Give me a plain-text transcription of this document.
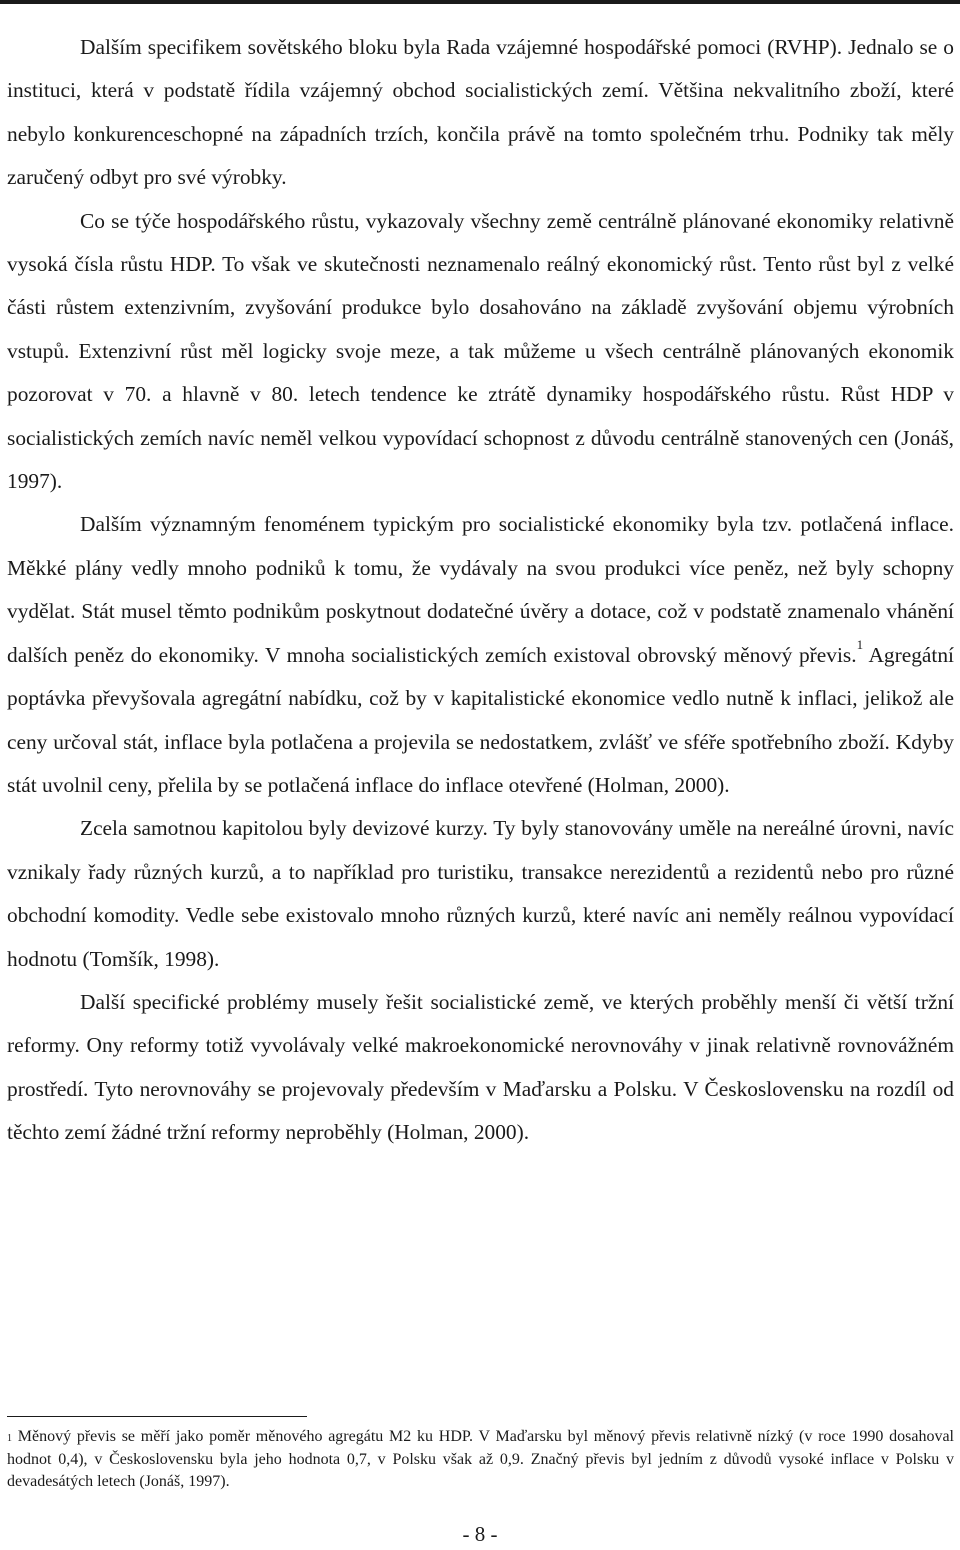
Dalším specifikem sovětského bloku byla Rada vzájemné hospodářské pomoci (RVHP). Jednalo se o instituci, která v podstatě řídila vzájemný obchod socialistických zemí. Většina nekvalitního zboží, které nebylo konkurenceschopné na západních trzích, končila právě na tomto společném trhu. Podniky tak měly zaručený odbyt pro své výrobky.

Co se týče hospodářského růstu, vykazovaly všechny země centrálně plánované ekonomiky relativně vysoká čísla růstu HDP. To však ve skutečnosti neznamenalo reálný ekonomický růst. Tento růst byl z velké části růstem extenzivním, zvyšování produkce bylo dosahováno na základě zvyšování objemu výrobních vstupů. Extenzivní růst měl logicky svoje meze, a tak můžeme u všech centrálně plánovaných ekonomik pozorovat v 70. a hlavně v 80. letech tendence ke ztrátě dynamiky hospodářského růstu. Růst HDP v socialistických zemích navíc neměl velkou vypovídací schopnost z důvodu centrálně stanovených cen (Jonáš, 1997).

Dalším významným fenoménem typickým pro socialistické ekonomiky byla tzv. potlačená inflace. Měkké plány vedly mnoho podniků k tomu, že vydávaly na svou produkci více peněz, než byly schopny vydělat. Stát musel těmto podnikům poskytnout dodatečné úvěry a dotace, což v podstatě znamenalo vhánění dalších peněz do ekonomiky. V mnoha socialistických zemích existoval obrovský měnový převis.$^1$ Agregátní poptávka převyšovala agregátní nabídku, což by v kapitalistické ekonomice vedlo nutně k inflaci, jelikož ale ceny určoval stát, inflace byla potlačena a projevila se nedostatkem, zvlášť ve sféře spotřebního zboží. Kdyby stát uvolnil ceny, přelila by se potlačená inflace do inflace otevřené (Holman, 2000).

Zcela samotnou kapitolou byly devizové kurzy. Ty byly stanovovány uměle na nereálné úrovni, navíc vznikaly řady různých kurzů, a to například pro turistiku, transakce nerezidentů a rezidentů nebo pro různé obchodní komodity. Vedle sebe existovalo mnoho různých kurzů, které navíc ani neměly reálnou vypovídací hodnotu (Tomšík, 1998).

Další specifické problémy musely řešit socialistické země, ve kterých proběhly menší či větší tržní reformy. Ony reformy totiž vyvolávaly velké makroekonomické nerovnováhy v jinak relativně rovnovážném prostředí. Tyto nerovnováhy se projevovaly především v Maďarsku a Polsku. V Československu na rozdíl od těchto zemí žádné tržní reformy neproběhly (Holman, 2000).

$^1$ Měnový převis se měří jako poměr měnového agregátu M2 ku HDP. V Maďarsku byl měnový převis relativně nízký (v roce 1990 dosahoval hodnot 0,4), v Československu byla jeho hodnota 0,7, v Polsku však až 0,9. Značný převis byl jedním z důvodů vysoké inflace v Polsku v devadesátých letech (Jonáš, 1997).

- 8 -
